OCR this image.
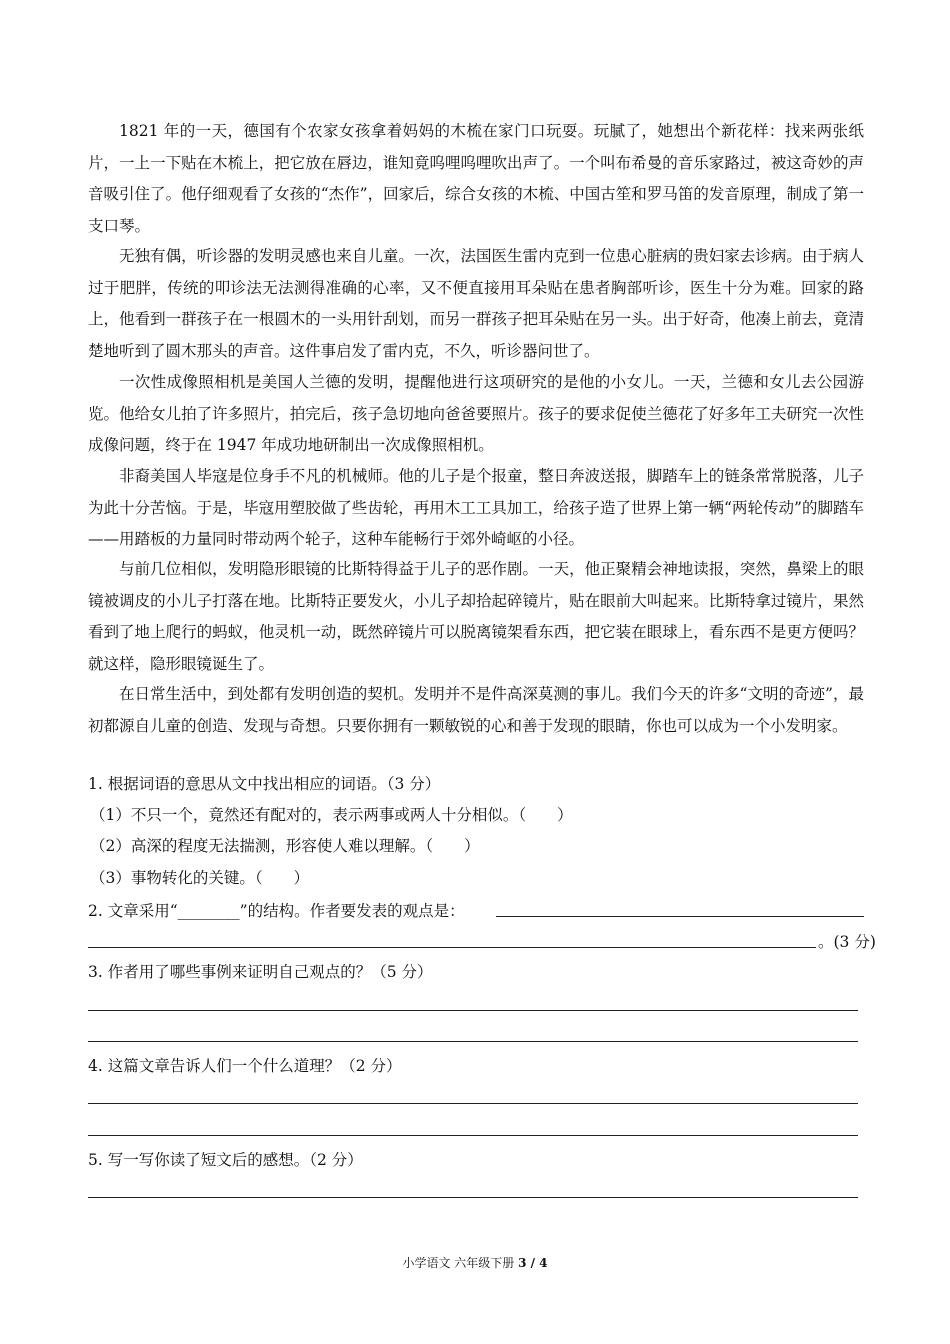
1821 年的一天，德国有个农家女孩拿着妈妈的木梳在家门口玩耍。玩腻了，她想出个新花样：找来两张纸片，一上一下贴在木梳上，把它放在唇边，谁知竟呜哩呜哩吹出声了。一个叫布希曼的音乐家路过，被这奇妙的声音吸引住了。他仔细观看了女孩的“杰作”，回家后，综合女孩的木梳、中国古笙和罗马笛的发音原理，制成了第一支口琴。

无独有偶，听诊器的发明灵感也来自儿童。一次，法国医生雷内克到一位患心脏病的贵妇家去诊病。由于病人过于肥胖，传统的叩诊法无法测得准确的心率，又不便直接用耳朵贴在患者胸部听诊，医生十分为难。回家的路上，他看到一群孩子在一根圆木的一头用针刮划，而另一群孩子把耳朵贴在另一头。出于好奇，他凑上前去，竟清楚地听到了圆木那头的声音。这件事启发了雷内克，不久，听诊器问世了。

一次性成像照相机是美国人兰德的发明，提醒他进行这项研究的是他的小女儿。一天，兰德和女儿去公园游览。他给女儿拍了许多照片，拍完后，孩子急切地向爸爸要照片。孩子的要求促使兰德花了好多年工夫研究一次性成像问题，终于在 1947 年成功地研制出一次成像照相机。

非裔美国人毕寇是位身手不凡的机械师。他的儿子是个报童，整日奔波送报，脚踏车上的链条常常脱落，儿子为此十分苦恼。于是，毕寇用塑胶做了些齿轮，再用木工工具加工，给孩子造了世界上第一辆“两轮传动”的脚踏车——用踏板的力量同时带动两个轮子，这种车能畅行于郊外崎岖的小径。

与前几位相似，发明隐形眼镜的比斯特得益于儿子的恶作剧。一天，他正聚精会神地读报，突然，鼻梁上的眼镜被调皮的小儿子打落在地。比斯特正要发火，小儿子却拾起碎镜片，贴在眼前大叫起来。比斯特拿过镜片，果然看到了地上爬行的蚂蚁，他灵机一动，既然碎镜片可以脱离镜架看东西，把它装在眼球上，看东西不是更方便吗？就这样，隐形眼镜诞生了。

在日常生活中，到处都有发明创造的契机。发明并不是件高深莫测的事儿。我们今天的许多“文明的奇迹”，最初都源自儿童的创造、发现与奇想。只要你拥有一颗敏锐的心和善于发现的眼睛，你也可以成为一个小发明家。

1. 根据词语的意思从文中找出相应的词语。（3 分）

（1）不只一个，竟然还有配对的，表示两事或两人十分相似。（　　）

（2）高深的程度无法揣测，形容使人难以理解。（　　）

（3）事物转化的关键。（　　）

2. 文章采用“________”的结构。作者要发表的观点是：

。(3 分)

3. 作者用了哪些事例来证明自己观点的？（5 分）

4. 这篇文章告诉人们一个什么道理？（2 分）

5. 写一写你读了短文后的感想。（2 分）

小学语文 六年级下册 3 / 4
